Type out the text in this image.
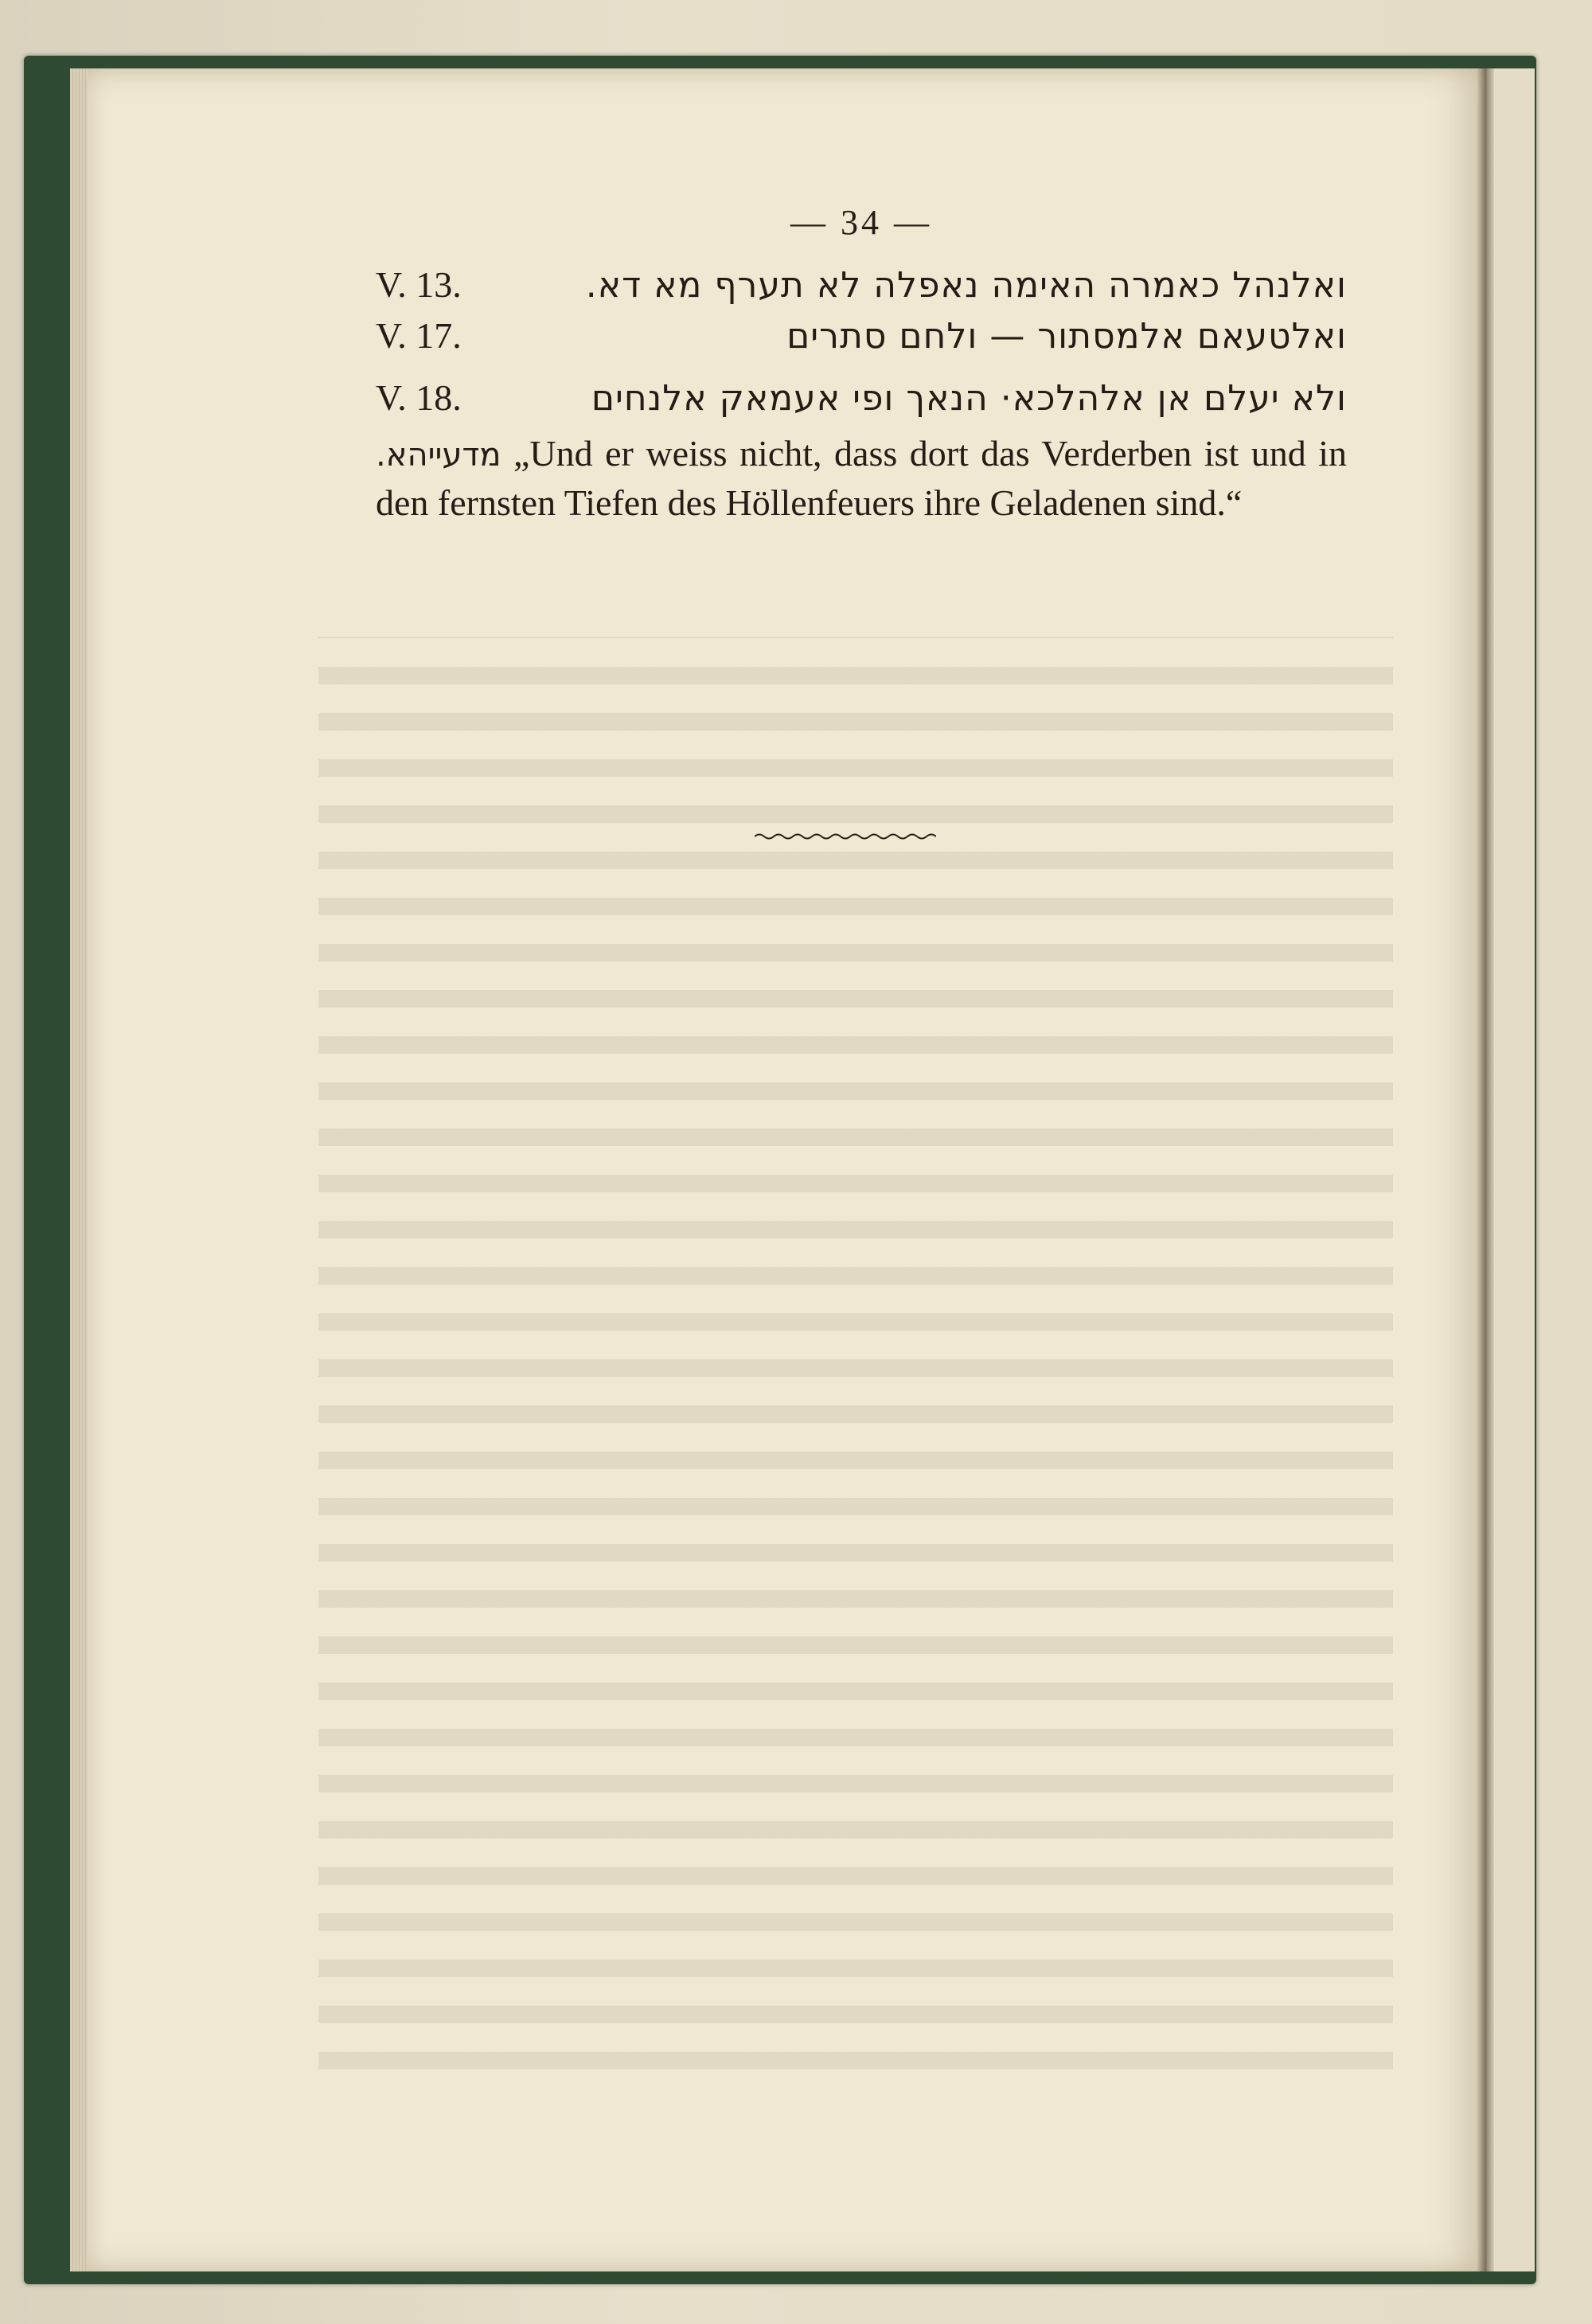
— 34 —
V. 13.	ואלנהל כאמרה האימה נאפלה לא תערף מא דא.
V. 17.	ואלטעאם אלמסתור — ולחם סתרים
V. 18.	ולא יעלם אן אלהלכא· הנאך ופי אעמאק אלנחים
מדעייהא. „Und er weiss nicht, dass dort das Verderben ist und in den fernsten Tiefen des Höllenfeuers ihre Geladenen sind.“
